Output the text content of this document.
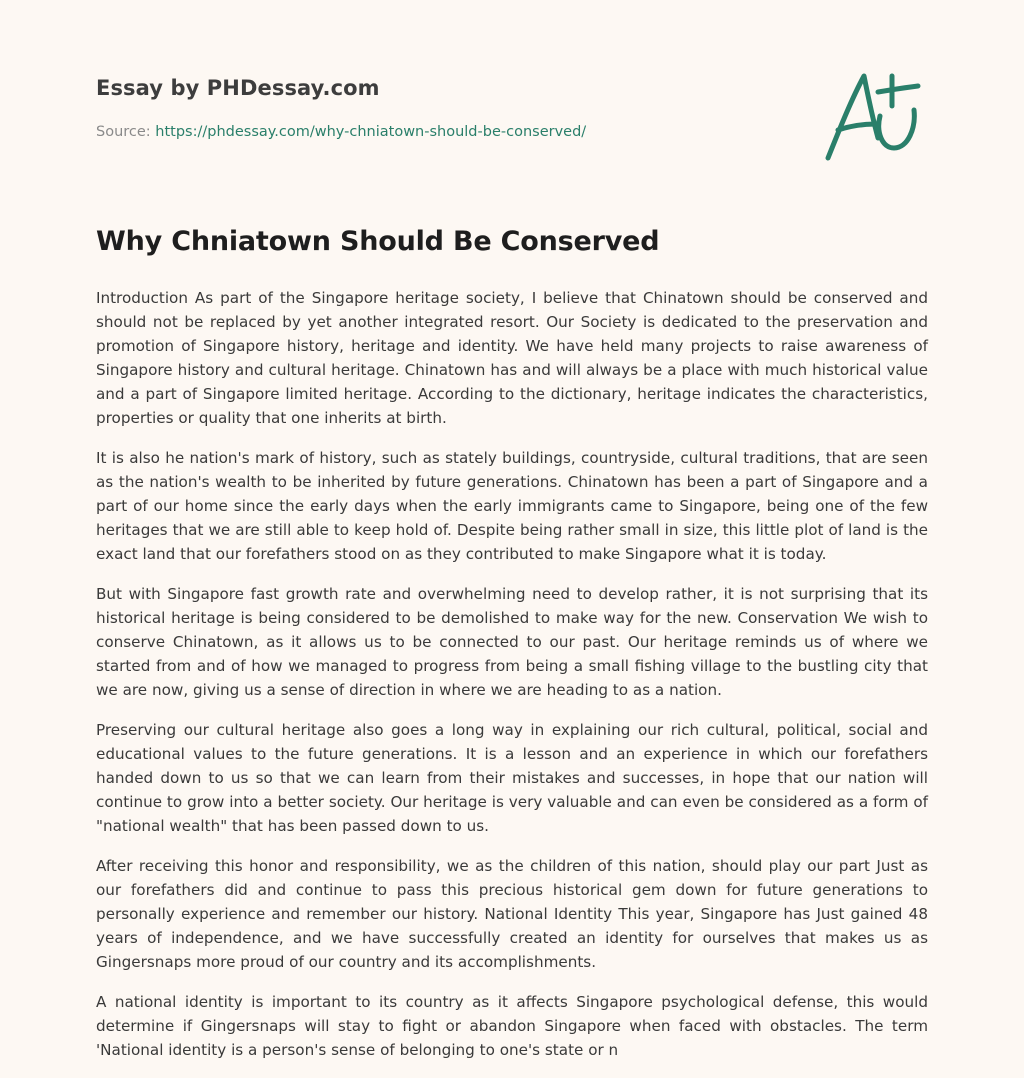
Essay by PHDessay.com
Source: https://phdessay.com/why-chniatown-should-be-conserved/
Why Chniatown Should Be Conserved

Introduction As part of the Singapore heritage society, I believe that Chinatown should be conserved and should not be replaced by yet another integrated resort. Our Society is dedicated to the preservation and promotion of Singapore history, heritage and identity. We have held many projects to raise awareness of Singapore history and cultural heritage. Chinatown has and will always be a place with much historical value and a part of Singapore limited heritage. According to the dictionary, heritage indicates the characteristics, properties or quality that one inherits at birth.

It is also he nation's mark of history, such as stately buildings, countryside, cultural traditions, that are seen as the nation's wealth to be inherited by future generations. Chinatown has been a part of Singapore and a part of our home since the early days when the early immigrants came to Singapore, being one of the few heritages that we are still able to keep hold of. Despite being rather small in size, this little plot of land is the exact land that our forefathers stood on as they contributed to make Singapore what it is today.

But with Singapore fast growth rate and overwhelming need to develop rather, it is not surprising that its historical heritage is being considered to be demolished to make way for the new. Conservation We wish to conserve Chinatown, as it allows us to be connected to our past. Our heritage reminds us of where we started from and of how we managed to progress from being a small fishing village to the bustling city that we are now, giving us a sense of direction in where we are heading to as a nation.

Preserving our cultural heritage also goes a long way in explaining our rich cultural, political, social and educational values to the future generations. It is a lesson and an experience in which our forefathers handed down to us so that we can learn from their mistakes and successes, in hope that our nation will continue to grow into a better society. Our heritage is very valuable and can even be considered as a form of "national wealth" that has been passed down to us.

After receiving this honor and responsibility, we as the children of this nation, should play our part Just as our forefathers did and continue to pass this precious historical gem down for future generations to personally experience and remember our history. National Identity This year, Singapore has Just gained 48 years of independence, and we have successfully created an identity for ourselves that makes us as Gingersnaps more proud of our country and its accomplishments.

A national identity is important to its country as it affects Singapore psychological defense, this would determine if Gingersnaps will stay to fight or abandon Singapore when faced with obstacles. The term 'National identity is a person's sense of belonging to one's state or n
